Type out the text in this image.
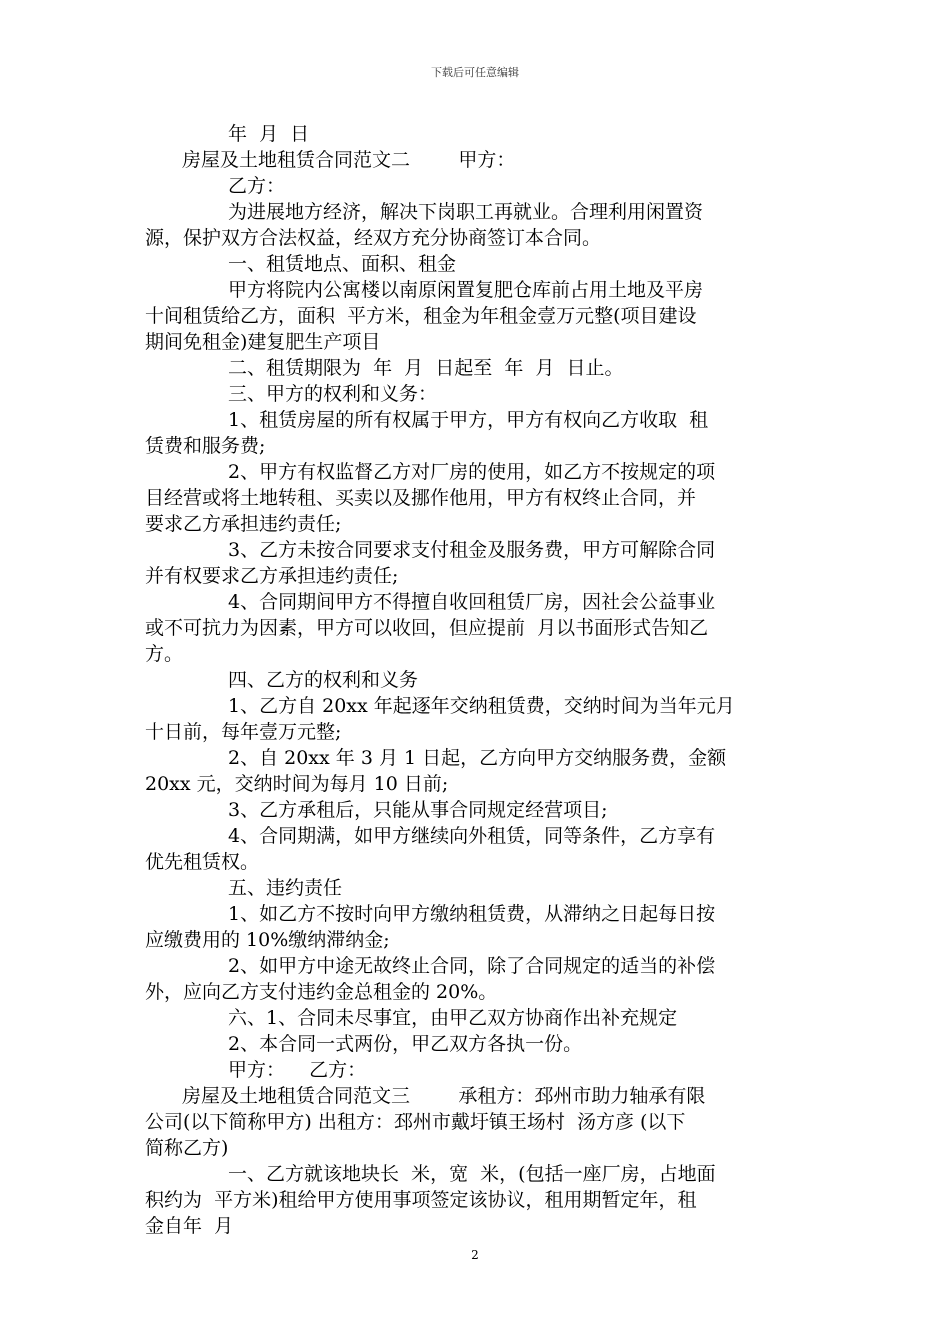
下载后可任意编辑
年  月  日
房屋及土地租赁合同范文二        甲方：
乙方：
为进展地方经济，解决下岗职工再就业。合理利用闲置资
源，保护双方合法权益，经双方充分协商签订本合同。
一、租赁地点、面积、租金
甲方将院内公寓楼以南原闲置复肥仓库前占用土地及平房
十间租赁给乙方，面积  平方米，租金为年租金壹万元整(项目建设
期间免租金)建复肥生产项目
二、租赁期限为  年  月  日起至  年  月  日止。
三、甲方的权利和义务：
1、租赁房屋的所有权属于甲方，甲方有权向乙方收取  租
赁费和服务费;
2、甲方有权监督乙方对厂房的使用，如乙方不按规定的项
目经营或将土地转租、买卖以及挪作他用，甲方有权终止合同，并
要求乙方承担违约责任;
3、乙方未按合同要求支付租金及服务费，甲方可解除合同
并有权要求乙方承担违约责任;
4、合同期间甲方不得擅自收回租赁厂房，因社会公益事业
或不可抗力为因素，甲方可以收回，但应提前  月以书面形式告知乙
方。
四、乙方的权利和义务
1、乙方自 20xx 年起逐年交纳租赁费，交纳时间为当年元月
十日前，每年壹万元整;
2、自 20xx 年 3 月 1 日起，乙方向甲方交纳服务费，金额
20xx 元，交纳时间为每月 10 日前;
3、乙方承租后，只能从事合同规定经营项目;
4、合同期满，如甲方继续向外租赁，同等条件，乙方享有
优先租赁权。
五、违约责任
1、如乙方不按时向甲方缴纳租赁费，从滞纳之日起每日按
应缴费用的 10%缴纳滞纳金;
2、如甲方中途无故终止合同，除了合同规定的适当的补偿
外，应向乙方支付违约金总租金的 20%。
六、1、合同未尽事宜，由甲乙双方协商作出补充规定
2、本合同一式两份，甲乙双方各执一份。
甲方：    乙方：
房屋及土地租赁合同范文三        承租方：邳州市助力轴承有限
公司(以下简称甲方) 出租方：邳州市戴圩镇王场村  汤方彦 (以下
简称乙方)
一、乙方就该地块长  米，宽  米，(包括一座厂房，占地面
积约为  平方米)租给甲方使用事项签定该协议，租用期暂定年，租
金自年  月
2
